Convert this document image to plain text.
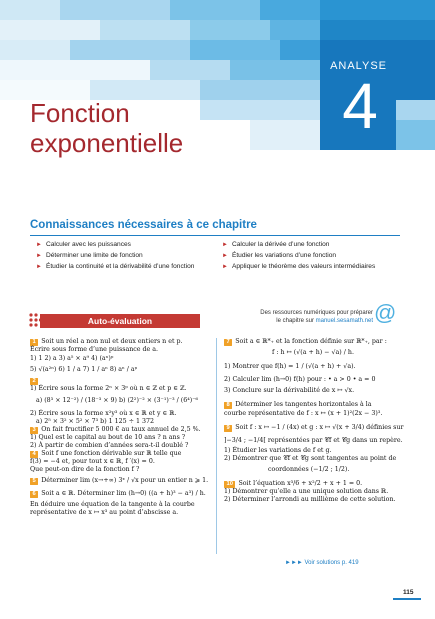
ANALYSE
4
Fonction
exponentielle
Connaissances nécessaires à ce chapitre
► Calculer avec les puissances
► Déterminer une limite de fonction
► Étudier la continuité et la dérivabilité d’une fonction
► Calculer la dérivée d’une fonction
► Étudier les variations d’une fonction
► Appliquer le théorème des valeurs intermédiaires
Des ressources numériques pour préparer
le chapitre sur manuel.sesamath.net @
Auto-évaluation
1 Soit un réel a non nul et deux entiers n et p.
Écrire sous forme d’une puissance de a.
1) 1 2) a 3) a⁵ × a⁹ 4) (aⁿ)ᵖ
5) √(a²ⁿ) 6) 1 / a 7) 1 / aⁿ 8) aⁿ / aᵖ
2
1) Écrire sous la forme 2ⁿ × 3ᵖ où n ∈ ℤ et p ∈ ℤ.
a) (8³ × 12⁻²) / (18⁻³ × 9) b) (2²)⁻² × (3⁻¹)⁻³ / (6⁴)⁻⁶
2) Écrire sous la forme x²y³ où x ∈ ℝ et y ∈ ℝ.
a) 2⁵ × 3² × 5² × 7³ b) 1 125 ÷ 1 372
3 On fait fructifier 5 000 € au taux annuel de 2,5 %.
1) Quel est le capital au bout de 10 ans ? n ans ?
2) À partir de combien d’années sera-t-il doublé ?
4 Soit f une fonction dérivable sur ℝ telle que
f(3) = −4 et, pour tout x ∈ ℝ, f ′(x) = 0.
Que peut-on dire de la fonction f ?
5 Déterminer lim (x→+∞) 3ˣ / √x pour un entier n ⩾ 1.
6 Soit a ∈ ℝ. Déterminer lim (h→0) ((a + h)³ − a³) / h.
En déduire une équation de la tangente à la courbe
représentative de x ↦ x³ au point d’abscisse a.
7 Soit a ∈ ℝ*₊ et la fonction définie sur ℝ*₊, par :
f : h ↦ (√(a + h) − √a) / h.
1) Montrer que f(h) = 1 / (√(a + h) + √a).
2) Calculer lim (h→0) f(h) pour : • a > 0 • a = 0
3) Conclure sur la dérivabilité de x ↦ √x.
8 Déterminer les tangentes horizontales à la
courbe représentative de f : x ↦ (x + 1)²(2x − 3)³.
9 Soit f : x ↦ −1 / (4x) et g : x ↦ √(x + 3/4) définies sur
]−3/4 ; −1/4[ représentées par 𝒞f et 𝒞g dans un repère.
1) Étudier les variations de f et g.
2) Démontrer que 𝒞f et 𝒞g sont tangentes au point de
coordonnées (−1/2 ; 1/2).
10 Soit l’équation x³/6 + x²/2 + x + 1 = 0.
1) Démontrer qu’elle a une unique solution dans ℝ.
2) Déterminer l’arrondi au millième de cette solution.
►►► Voir solutions p. 419
115
